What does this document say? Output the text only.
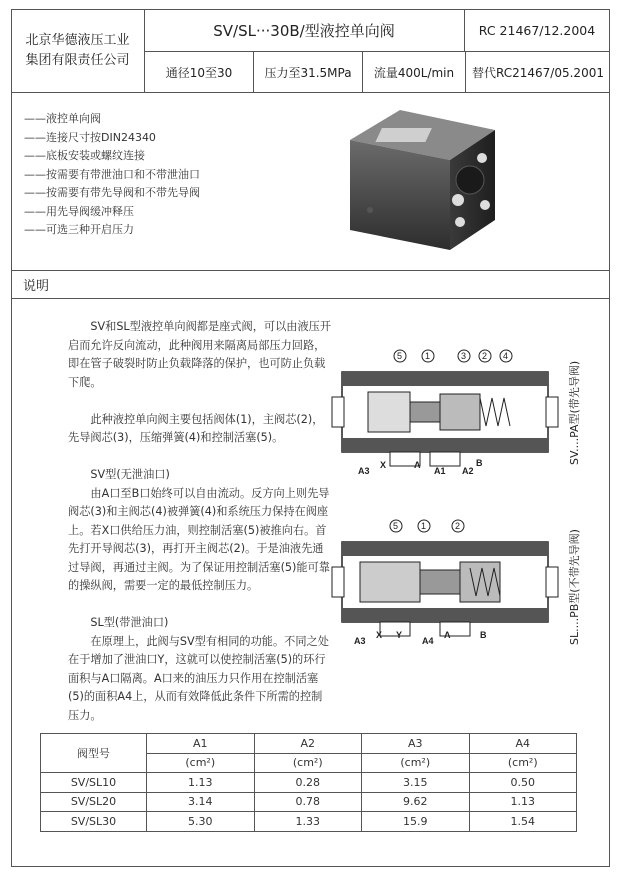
北京华德液压工业
集团有限责任公司
SV/SL···30B/型液控单向阀	RC 21467/12.2004
通径10至30	压力至31.5MPa	流量400L/min	替代RC21467/05.2001
——液控单向阀
——连接尺寸按DIN24340
——底板安装或螺纹连接
——按需要有带泄油口和不带泄油口
——按需要有带先导阀和不带先导阀
——用先导阀缓冲释压
——可选三种开启压力
说明

SV和SL型液控单向阀都是座式阀，可以由液压开启而允许反向流动，此种阀用来隔离局部压力回路，即在管子破裂时防止负载降落的保护，也可防止负载下爬。

此种液控单向阀主要包括阀体(1)，主阀芯(2)，先导阀芯(3)，压缩弹簧(4)和控制活塞(5)。

SV型(无泄油口)

由A口至B口始终可以自由流动。反方向上则先导阀芯(3)和主阀芯(4)被弹簧(4)和系统压力保持在阀座上。若X口供给压力油，则控制活塞(5)被推向右。首先打开导阀芯(3)，再打开主阀芯(2)。于是油液先通过导阀，再通过主阀。为了保证用控制活塞(5)能可靠的操纵阀，需要一定的最低控制压力。

SL型(带泄油口)

在原理上，此阀与SV型有相同的功能。不同之处在于增加了泄油口Y，这就可以使控制活塞(5)的环行面积与A口隔离。A口来的油压力只作用在控制活塞(5)的面积A4上，从而有效降低此条件下所需的控制压力。

5	1	3 2 4
A3
X	A
A1 A2
B	SV....PA型(带先导阀)
5	1	2
A3
X Y
A4
A	B	SL....PB型(不带先导阀)
阀型号	A1	A2	A3	A4
	(cm²)	(cm²)	(cm²)	(cm²)
SV/SL10	1.13	0.28	3.15	0.50
SV/SL20	3.14	0.78	9.62	1.13
SV/SL30	5.30	1.33	15.9	1.54
